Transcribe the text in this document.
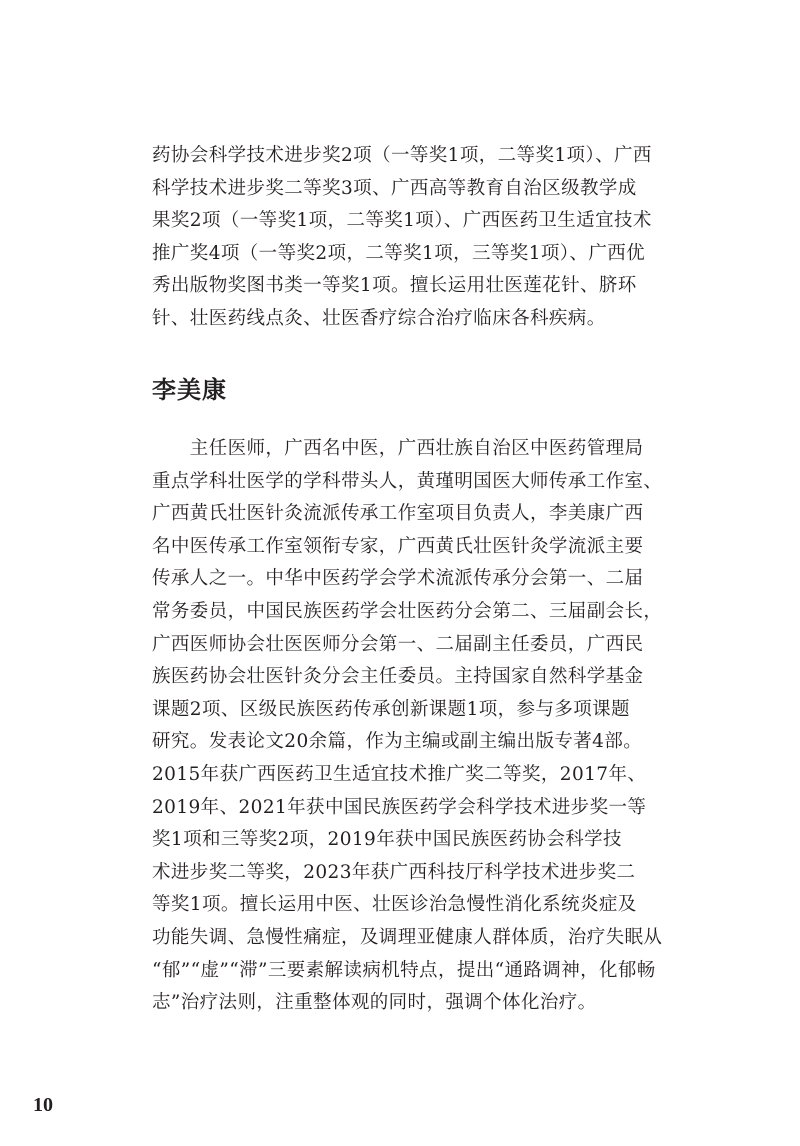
药协会科学技术进步奖2项（一等奖1项，二等奖1项）、广西
科学技术进步奖二等奖3项、广西高等教育自治区级教学成
果奖2项（一等奖1项，二等奖1项）、广西医药卫生适宜技术
推广奖4项（一等奖2项，二等奖1项，三等奖1项）、广西优
秀出版物奖图书类一等奖1项。擅长运用壮医莲花针、脐环
针、壮医药线点灸、壮医香疗综合治疗临床各科疾病。

李美康

　　主任医师，广西名中医，广西壮族自治区中医药管理局
重点学科壮医学的学科带头人，黄瑾明国医大师传承工作室、
广西黄氏壮医针灸流派传承工作室项目负责人，李美康广西
名中医传承工作室领衔专家，广西黄氏壮医针灸学流派主要
传承人之一。中华中医药学会学术流派传承分会第一、二届
常务委员，中国民族医药学会壮医药分会第二、三届副会长，
广西医师协会壮医医师分会第一、二届副主任委员，广西民
族医药协会壮医针灸分会主任委员。主持国家自然科学基金
课题2项、区级民族医药传承创新课题1项，参与多项课题
研究。发表论文20余篇，作为主编或副主编出版专著4部。
2015年获广西医药卫生适宜技术推广奖二等奖，2017年、
2019年、2021年获中国民族医药学会科学技术进步奖一等
奖1项和三等奖2项，2019年获中国民族医药协会科学技
术进步奖二等奖，2023年获广西科技厅科学技术进步奖二
等奖1项。擅长运用中医、壮医诊治急慢性消化系统炎症及
功能失调、急慢性痛症，及调理亚健康人群体质，治疗失眠从
“郁”“虚”“滞”三要素解读病机特点，提出“通路调神，化郁畅
志”治疗法则，注重整体观的同时，强调个体化治疗。

10
